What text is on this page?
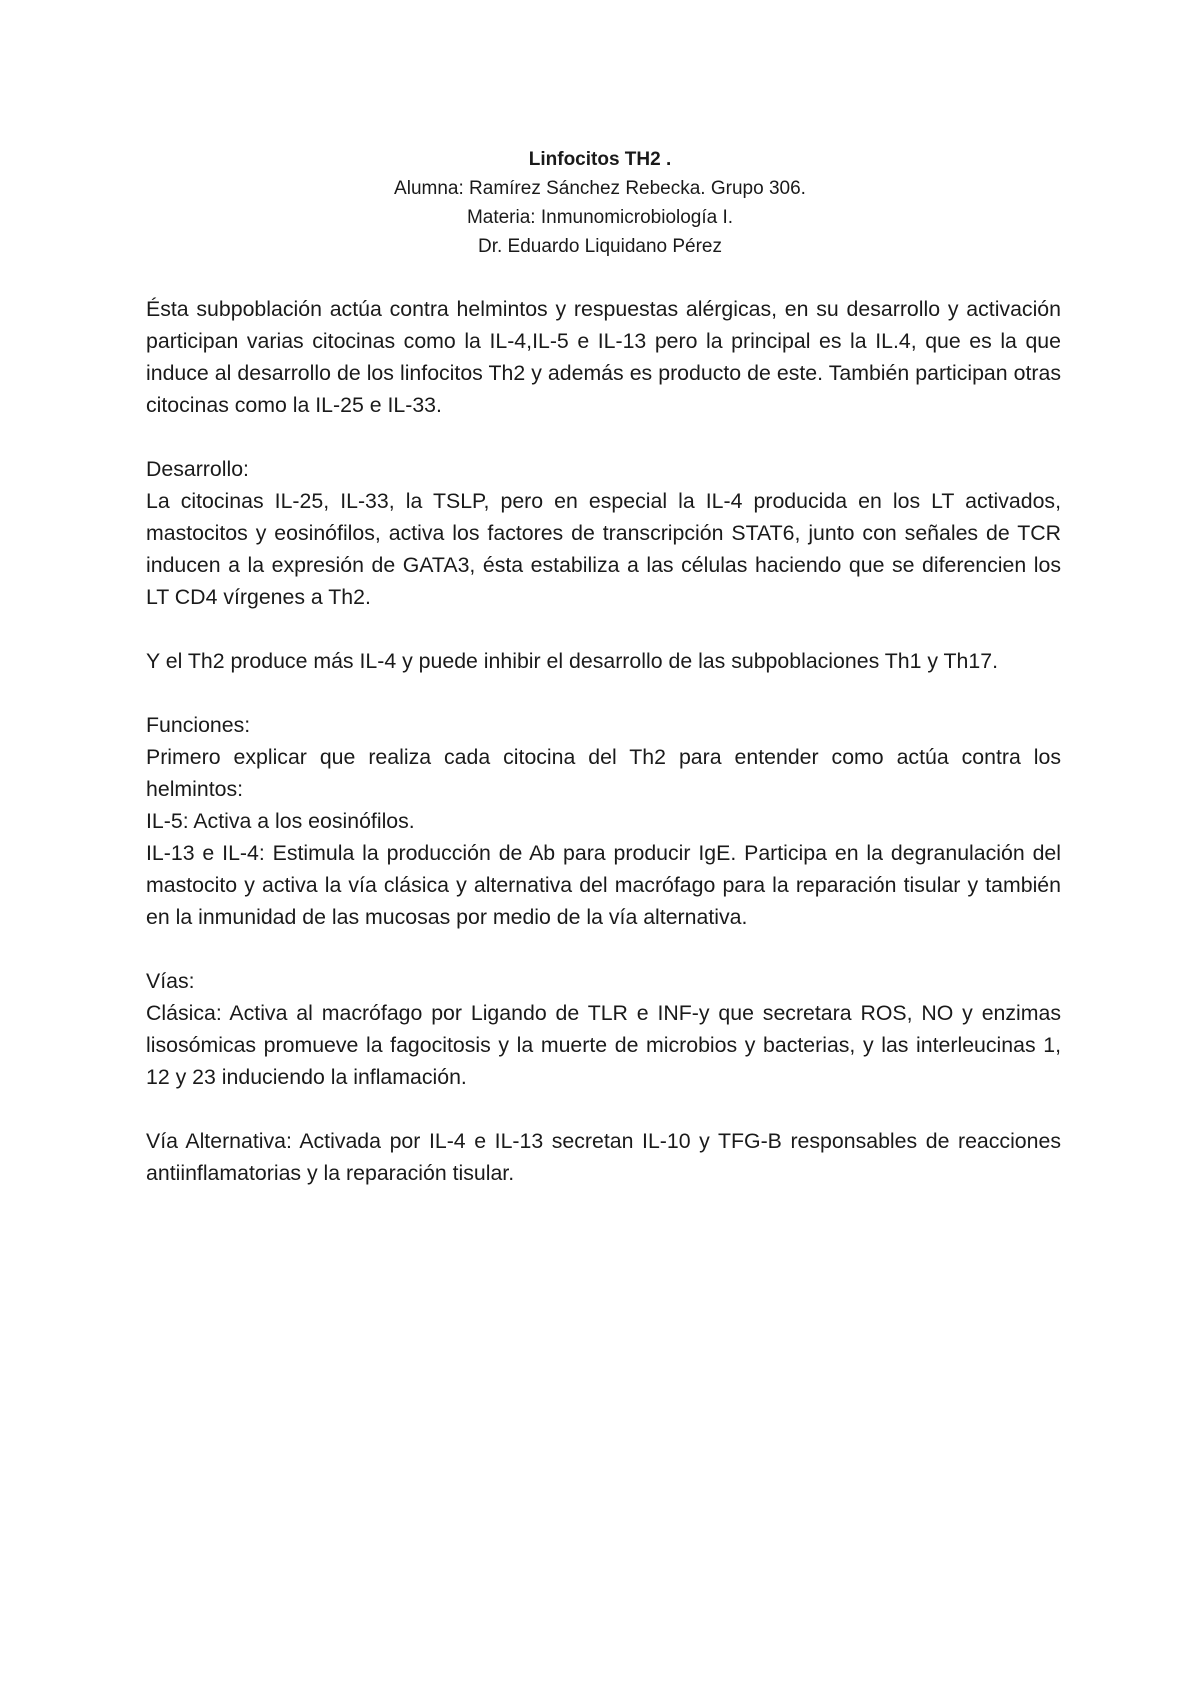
Linfocitos TH2 .
Alumna: Ramírez Sánchez Rebecka. Grupo 306.
Materia: Inmunomicrobiología I.
Dr. Eduardo Liquidano Pérez

Ésta subpoblación actúa contra helmintos y respuestas alérgicas, en su desarrollo y activación participan varias citocinas como la IL-4,IL-5 e IL-13 pero la principal es la IL.4, que es la que induce al desarrollo de los linfocitos Th2 y además es producto de este. También participan otras citocinas como la IL-25 e IL-33.

Desarrollo:

La citocinas IL-25, IL-33, la TSLP, pero en especial la IL-4 producida en los LT activados, mastocitos y eosinófilos, activa los factores de transcripción STAT6, junto con señales de TCR inducen a la expresión de GATA3, ésta estabiliza a las células haciendo que se diferencien los LT CD4 vírgenes a Th2.

Y el Th2 produce más IL-4 y puede inhibir el desarrollo de las subpoblaciones Th1 y Th17.

Funciones:

Primero explicar que realiza cada citocina del Th2 para entender como actúa contra los helmintos:

IL-5: Activa a los eosinófilos.

IL-13 e IL-4: Estimula la producción de Ab para producir IgE. Participa en la degranulación del mastocito y activa la vía clásica y alternativa del macrófago para la reparación tisular y también en la inmunidad de las mucosas por medio de la vía alternativa.

Vías:

Clásica: Activa al macrófago por Ligando de TLR e INF-y que secretara ROS, NO y enzimas lisosómicas promueve la fagocitosis y la muerte de microbios y bacterias, y las interleucinas 1, 12 y 23 induciendo la inflamación.

Vía Alternativa: Activada por IL-4 e IL-13 secretan IL-10 y TFG-B responsables de reacciones antiinflamatorias y la reparación tisular.
